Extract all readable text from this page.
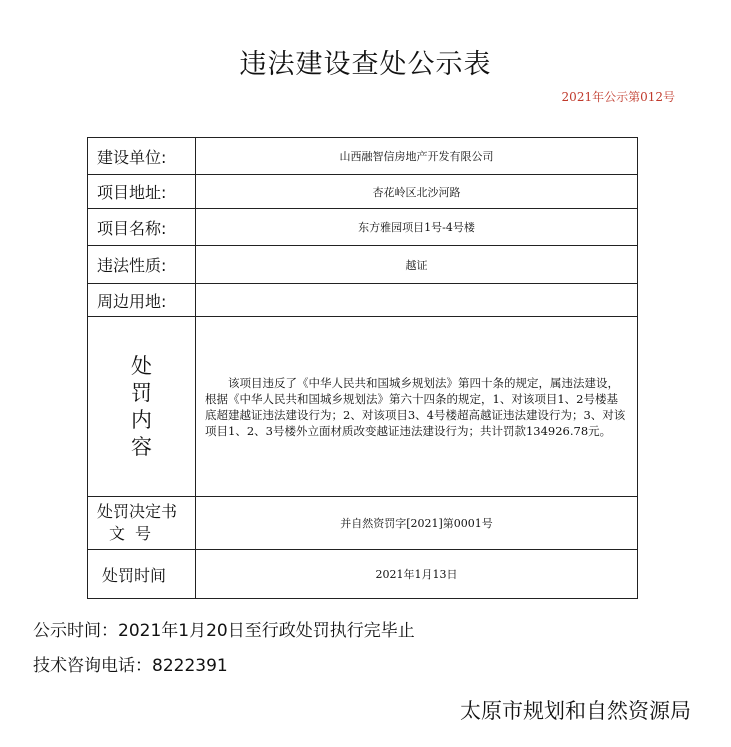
违法建设查处公示表
2021年公示第012号
建设单位:	山西融智信房地产开发有限公司
项目地址:	杏花岭区北沙河路
项目名称:	东方雅园项目1号-4号楼
违法性质:	越证
周边用地:	

处
罚
内
容	该项目违反了《中华人民共和国城乡规划法》第四十条的规定，属违法建设，根据《中华人民共和国城乡规划法》第六十四条的规定，1、对该项目1、2号楼基底超建越证违法建设行为；2、对该项目3、4号楼超高越证违法建设行为；3、对该项目1、2、3号楼外立面材质改变越证违法建设行为；共计罚款134926.78元。

处罚决定书
文号	并自然资罚字[2021]第0001号
处罚时间	2021年1月13日
公示时间：2021年1月20日至行政处罚执行完毕止
技术咨询电话：8222391
太原市规划和自然资源局
